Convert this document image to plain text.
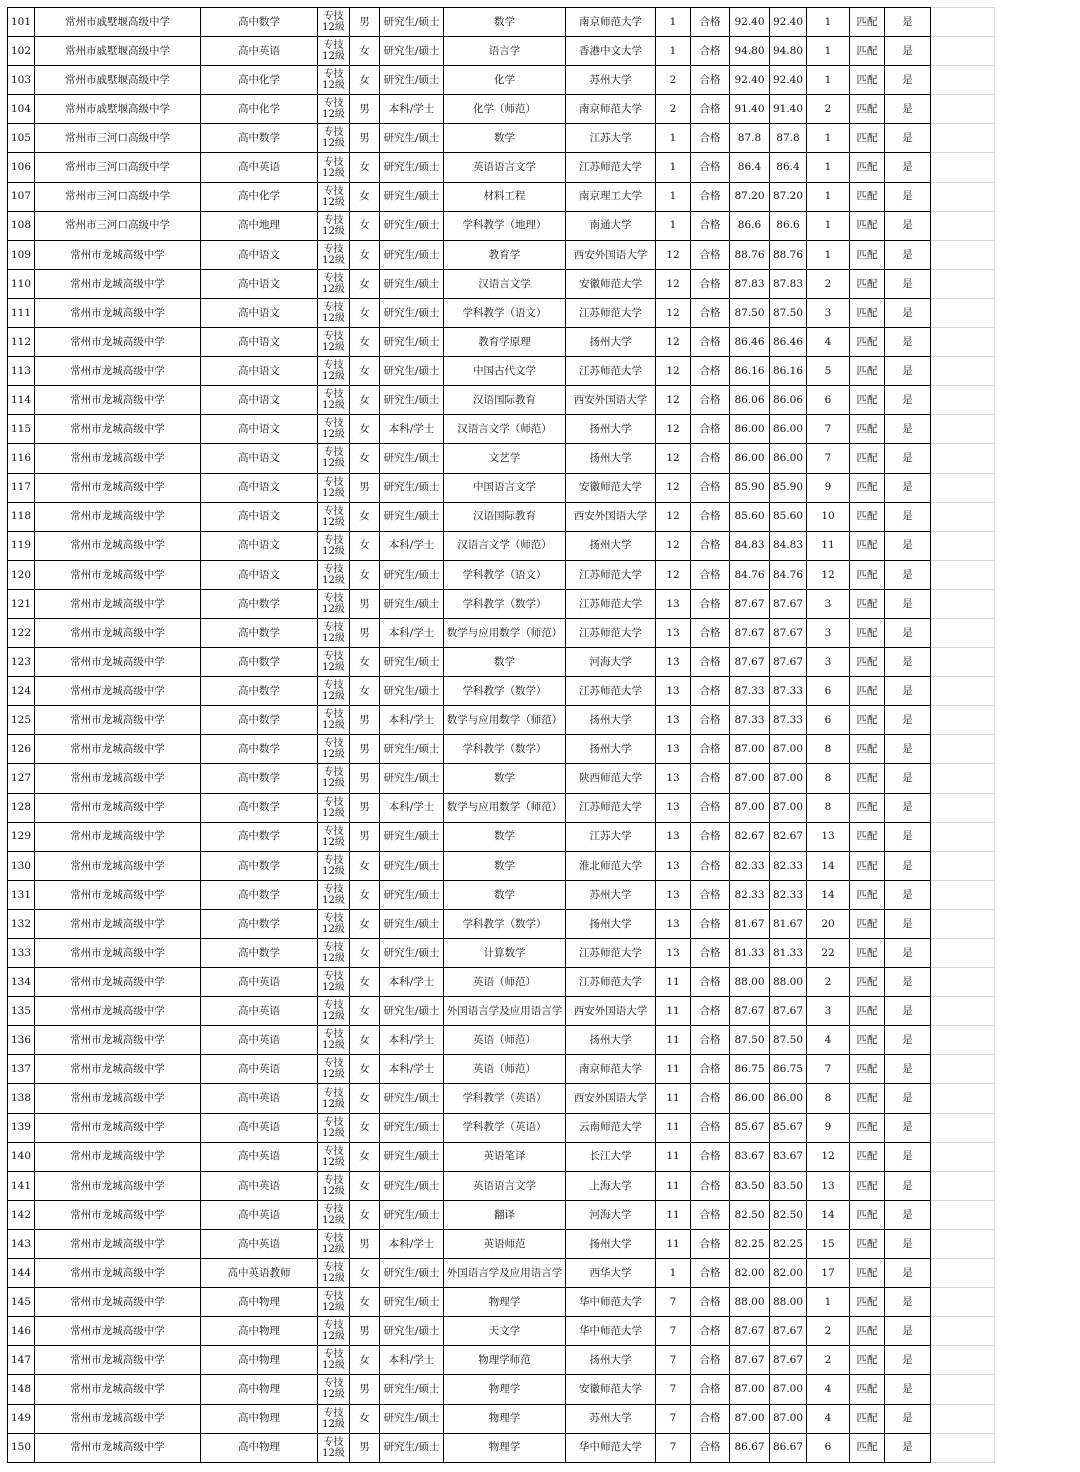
101	常州市戚墅堰高级中学	高中数学	专技
12级	男	研究生/硕士	数学	南京师范大学	1	合格	92.40	92.40	1	匹配	是	
102	常州市戚墅堰高级中学	高中英语	专技
12级	女	研究生/硕士	语言学	香港中文大学	1	合格	94.80	94.80	1	匹配	是	
103	常州市戚墅堰高级中学	高中化学	专技
12级	女	研究生/硕士	化学	苏州大学	2	合格	92.40	92.40	1	匹配	是	
104	常州市戚墅堰高级中学	高中化学	专技
12级	男	本科/学士	化学（师范）	南京师范大学	2	合格	91.40	91.40	2	匹配	是	
105	常州市三河口高级中学	高中数学	专技
12级	男	研究生/硕士	数学	江苏大学	1	合格	87.8	87.8	1	匹配	是	
106	常州市三河口高级中学	高中英语	专技
12级	女	研究生/硕士	英语语言文学	江苏师范大学	1	合格	86.4	86.4	1	匹配	是	
107	常州市三河口高级中学	高中化学	专技
12级	女	研究生/硕士	材料工程	南京理工大学	1	合格	87.20	87.20	1	匹配	是	
108	常州市三河口高级中学	高中地理	专技
12级	女	研究生/硕士	学科教学（地理）	南通大学	1	合格	86.6	86.6	1	匹配	是	
109	常州市龙城高级中学	高中语文	专技
12级	女	研究生/硕士	教育学	西安外国语大学	12	合格	88.76	88.76	1	匹配	是	
110	常州市龙城高级中学	高中语文	专技
12级	女	研究生/硕士	汉语言文学	安徽师范大学	12	合格	87.83	87.83	2	匹配	是	
111	常州市龙城高级中学	高中语文	专技
12级	女	研究生/硕士	学科教学（语文）	江苏师范大学	12	合格	87.50	87.50	3	匹配	是	
112	常州市龙城高级中学	高中语文	专技
12级	女	研究生/硕士	教育学原理	扬州大学	12	合格	86.46	86.46	4	匹配	是	
113	常州市龙城高级中学	高中语文	专技
12级	女	研究生/硕士	中国古代文学	江苏师范大学	12	合格	86.16	86.16	5	匹配	是	
114	常州市龙城高级中学	高中语文	专技
12级	女	研究生/硕士	汉语国际教育	西安外国语大学	12	合格	86.06	86.06	6	匹配	是	
115	常州市龙城高级中学	高中语文	专技
12级	女	本科/学士	汉语言文学（师范）	扬州大学	12	合格	86.00	86.00	7	匹配	是	
116	常州市龙城高级中学	高中语文	专技
12级	女	研究生/硕士	文艺学	扬州大学	12	合格	86.00	86.00	7	匹配	是	
117	常州市龙城高级中学	高中语文	专技
12级	男	研究生/硕士	中国语言文学	安徽师范大学	12	合格	85.90	85.90	9	匹配	是	
118	常州市龙城高级中学	高中语文	专技
12级	女	研究生/硕士	汉语国际教育	西安外国语大学	12	合格	85.60	85.60	10	匹配	是	
119	常州市龙城高级中学	高中语文	专技
12级	女	本科/学士	汉语言文学（师范）	扬州大学	12	合格	84.83	84.83	11	匹配	是	
120	常州市龙城高级中学	高中语文	专技
12级	女	研究生/硕士	学科教学（语文）	江苏师范大学	12	合格	84.76	84.76	12	匹配	是	
121	常州市龙城高级中学	高中数学	专技
12级	男	研究生/硕士	学科教学（数学）	江苏师范大学	13	合格	87.67	87.67	3	匹配	是	
122	常州市龙城高级中学	高中数学	专技
12级	男	本科/学士	数学与应用数学（师范）	江苏师范大学	13	合格	87.67	87.67	3	匹配	是	
123	常州市龙城高级中学	高中数学	专技
12级	女	研究生/硕士	数学	河海大学	13	合格	87.67	87.67	3	匹配	是	
124	常州市龙城高级中学	高中数学	专技
12级	女	研究生/硕士	学科教学（数学）	江苏师范大学	13	合格	87.33	87.33	6	匹配	是	
125	常州市龙城高级中学	高中数学	专技
12级	男	本科/学士	数学与应用数学（师范）	扬州大学	13	合格	87.33	87.33	6	匹配	是	
126	常州市龙城高级中学	高中数学	专技
12级	男	研究生/硕士	学科教学（数学）	扬州大学	13	合格	87.00	87.00	8	匹配	是	
127	常州市龙城高级中学	高中数学	专技
12级	男	研究生/硕士	数学	陕西师范大学	13	合格	87.00	87.00	8	匹配	是	
128	常州市龙城高级中学	高中数学	专技
12级	男	本科/学士	数学与应用数学（师范）	江苏师范大学	13	合格	87.00	87.00	8	匹配	是	
129	常州市龙城高级中学	高中数学	专技
12级	男	研究生/硕士	数学	江苏大学	13	合格	82.67	82.67	13	匹配	是	
130	常州市龙城高级中学	高中数学	专技
12级	女	研究生/硕士	数学	淮北师范大学	13	合格	82.33	82.33	14	匹配	是	
131	常州市龙城高级中学	高中数学	专技
12级	女	研究生/硕士	数学	苏州大学	13	合格	82.33	82.33	14	匹配	是	
132	常州市龙城高级中学	高中数学	专技
12级	女	研究生/硕士	学科教学（数学）	扬州大学	13	合格	81.67	81.67	20	匹配	是	
133	常州市龙城高级中学	高中数学	专技
12级	女	研究生/硕士	计算数学	江苏师范大学	13	合格	81.33	81.33	22	匹配	是	
134	常州市龙城高级中学	高中英语	专技
12级	女	本科/学士	英语（师范）	江苏师范大学	11	合格	88.00	88.00	2	匹配	是	
135	常州市龙城高级中学	高中英语	专技
12级	女	研究生/硕士	外国语言学及应用语言学	西安外国语大学	11	合格	87.67	87.67	3	匹配	是	
136	常州市龙城高级中学	高中英语	专技
12级	女	本科/学士	英语（师范）	扬州大学	11	合格	87.50	87.50	4	匹配	是	
137	常州市龙城高级中学	高中英语	专技
12级	女	本科/学士	英语（师范）	南京师范大学	11	合格	86.75	86.75	7	匹配	是	
138	常州市龙城高级中学	高中英语	专技
12级	女	研究生/硕士	学科教学（英语）	西安外国语大学	11	合格	86.00	86.00	8	匹配	是	
139	常州市龙城高级中学	高中英语	专技
12级	女	研究生/硕士	学科教学（英语）	云南师范大学	11	合格	85.67	85.67	9	匹配	是	
140	常州市龙城高级中学	高中英语	专技
12级	女	研究生/硕士	英语笔译	长江大学	11	合格	83.67	83.67	12	匹配	是	
141	常州市龙城高级中学	高中英语	专技
12级	女	研究生/硕士	英语语言文学	上海大学	11	合格	83.50	83.50	13	匹配	是	
142	常州市龙城高级中学	高中英语	专技
12级	女	研究生/硕士	翻译	河海大学	11	合格	82.50	82.50	14	匹配	是	
143	常州市龙城高级中学	高中英语	专技
12级	男	本科/学士	英语师范	扬州大学	11	合格	82.25	82.25	15	匹配	是	
144	常州市龙城高级中学	高中英语教师	专技
12级	女	研究生/硕士	外国语言学及应用语言学	西华大学	1	合格	82.00	82.00	17	匹配	是	
145	常州市龙城高级中学	高中物理	专技
12级	女	研究生/硕士	物理学	华中师范大学	7	合格	88.00	88.00	1	匹配	是	
146	常州市龙城高级中学	高中物理	专技
12级	男	研究生/硕士	天文学	华中师范大学	7	合格	87.67	87.67	2	匹配	是	
147	常州市龙城高级中学	高中物理	专技
12级	女	本科/学士	物理学师范	扬州大学	7	合格	87.67	87.67	2	匹配	是	
148	常州市龙城高级中学	高中物理	专技
12级	男	研究生/硕士	物理学	安徽师范大学	7	合格	87.00	87.00	4	匹配	是	
149	常州市龙城高级中学	高中物理	专技
12级	女	研究生/硕士	物理学	苏州大学	7	合格	87.00	87.00	4	匹配	是	
150	常州市龙城高级中学	高中物理	专技
12级	男	研究生/硕士	物理学	华中师范大学	7	合格	86.67	86.67	6	匹配	是	
